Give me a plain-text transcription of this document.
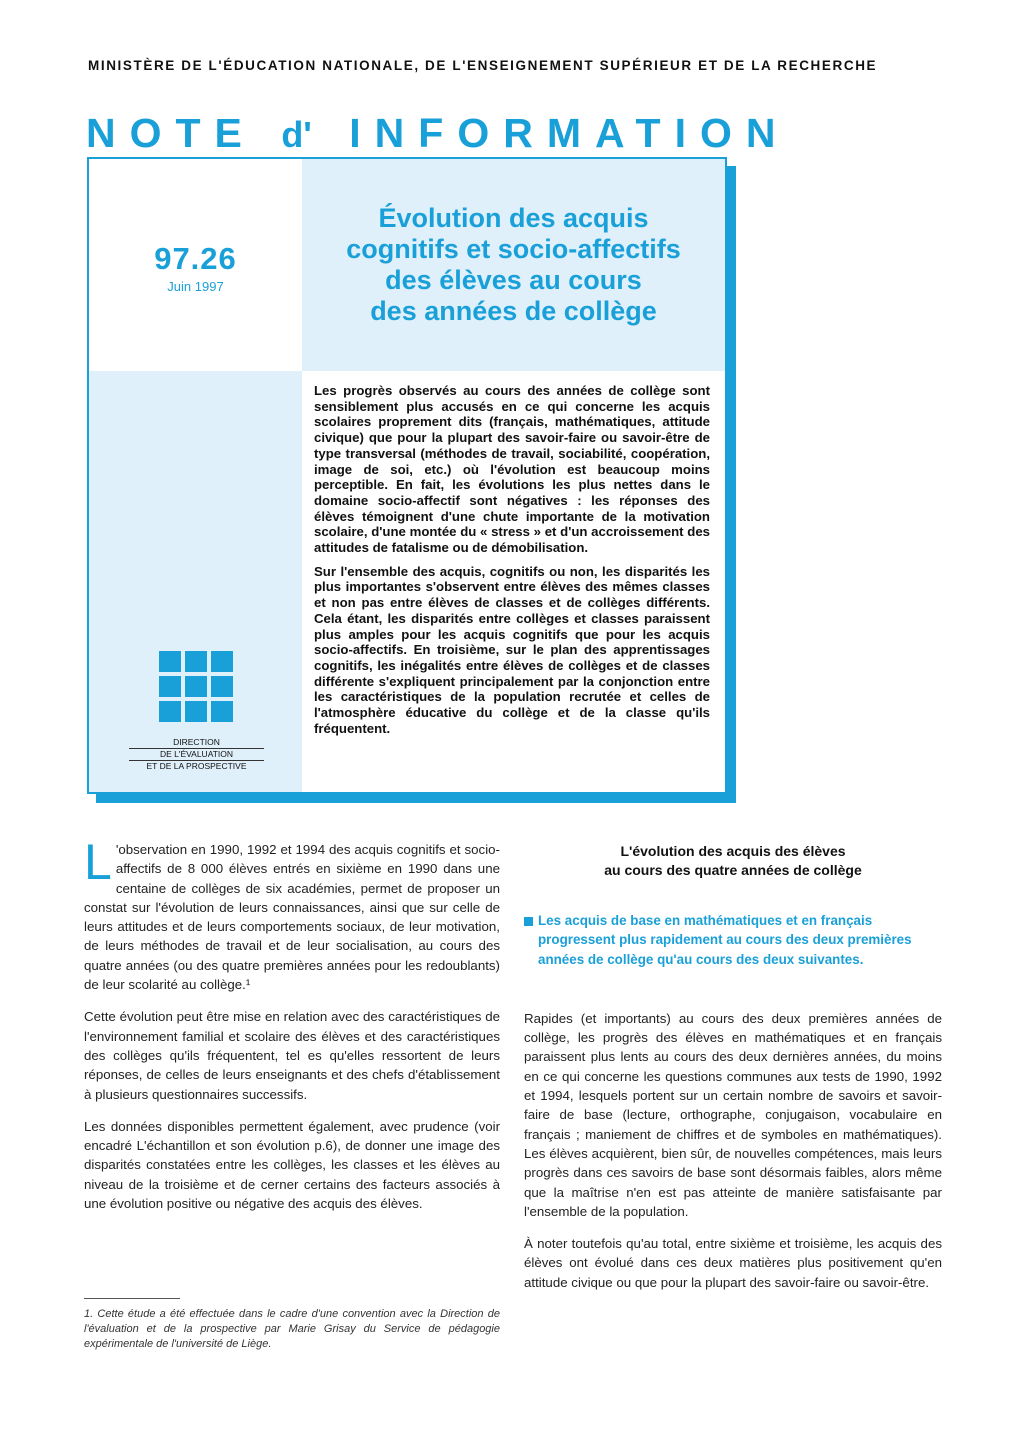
MINISTÈRE DE L'ÉDUCATION NATIONALE, DE L'ENSEIGNEMENT SUPÉRIEUR ET DE LA RECHERCHE
NOTE d' INFORMATION
97.26
Juin 1997
Évolution des acquis
cognitifs et socio-affectifs
des élèves au cours
des années de collège

Les progrès observés au cours des années de collège sont sensiblement plus accusés en ce qui concerne les acquis scolaires proprement dits (français, mathématiques, attitude civique) que pour la plupart des savoir-faire ou savoir-être de type transversal (méthodes de travail, sociabilité, coopération, image de soi, etc.) où l'évolution est beaucoup moins perceptible. En fait, les évolutions les plus nettes dans le domaine socio-affectif sont négatives : les réponses des élèves témoignent d'une chute importante de la motivation scolaire, d'une montée du « stress » et d'un accroissement des attitudes de fatalisme ou de démobilisation.

Sur l'ensemble des acquis, cognitifs ou non, les disparités les plus importantes s'observent entre élèves des mêmes classes et non pas entre élèves de classes et de collèges différents. Cela étant, les disparités entre collèges et classes paraissent plus amples pour les acquis cognitifs que pour les acquis socio-affectifs. En troisième, sur le plan des apprentissages cognitifs, les inégalités entre élèves de collèges et de classes différente s'expliquent principalement par la conjonction entre les caractéristiques de la population recrutée et celles de l'atmosphère éducative du collège et de la classe qu'ils fréquentent.

DIRECTION
DE L'ÉVALUATION
ET DE LA PROSPECTIVE

L 'observation en 1990, 1992 et 1994 des acquis cognitifs et socio-affectifs de 8 000 élèves entrés en sixième en 1990 dans une centaine de collèges de six académies, permet de proposer un constat sur l'évolution de leurs connaissances, ainsi que sur celle de leurs attitudes et de leurs comportements sociaux, de leur motivation, de leurs méthodes de travail et de leur socialisation, au cours des quatre années (ou des quatre premières années pour les redoublants) de leur scolarité au collège.¹

Cette évolution peut être mise en relation avec des caractéristiques de l'environnement familial et scolaire des élèves et des caractéristiques des collèges qu'ils fréquentent, tel es qu'elles ressortent de leurs réponses, de celles de leurs enseignants et des chefs d'établissement à plusieurs questionnaires successifs.

Les données disponibles permettent également, avec prudence (voir encadré L'échantillon et son évolution p.6), de donner une image des disparités constatées entre les collèges, les classes et les élèves au niveau de la troisième et de cerner certains des facteurs associés à une évolution positive ou négative des acquis des élèves.

1. Cette étude a été effectuée dans le cadre d'une convention avec la Direction de l'évaluation et de la prospective par Marie Grisay du Service de pédagogie expérimentale de l'université de Liège.
L'évolution des acquis des élèves
au cours des quatre années de collège
Les acquis de base en mathématiques et en français progressent plus rapidement au cours des deux premières années de collège qu'au cours des deux suivantes.

Rapides (et importants) au cours des deux premières années de collège, les progrès des élèves en mathématiques et en français paraissent plus lents au cours des deux dernières années, du moins en ce qui concerne les questions communes aux tests de 1990, 1992 et 1994, lesquels portent sur un certain nombre de savoirs et savoir-faire de base (lecture, orthographe, conjugaison, vocabulaire en français ; maniement de chiffres et de symboles en mathématiques). Les élèves acquièrent, bien sûr, de nouvelles compétences, mais leurs progrès dans ces savoirs de base sont désormais faibles, alors même que la maîtrise n'en est pas atteinte de manière satisfaisante par l'ensemble de la population.

À noter toutefois qu'au total, entre sixième et troisième, les acquis des élèves ont évolué dans ces deux matières plus positivement qu'en attitude civique ou que pour la plupart des savoir-faire ou savoir-être.
